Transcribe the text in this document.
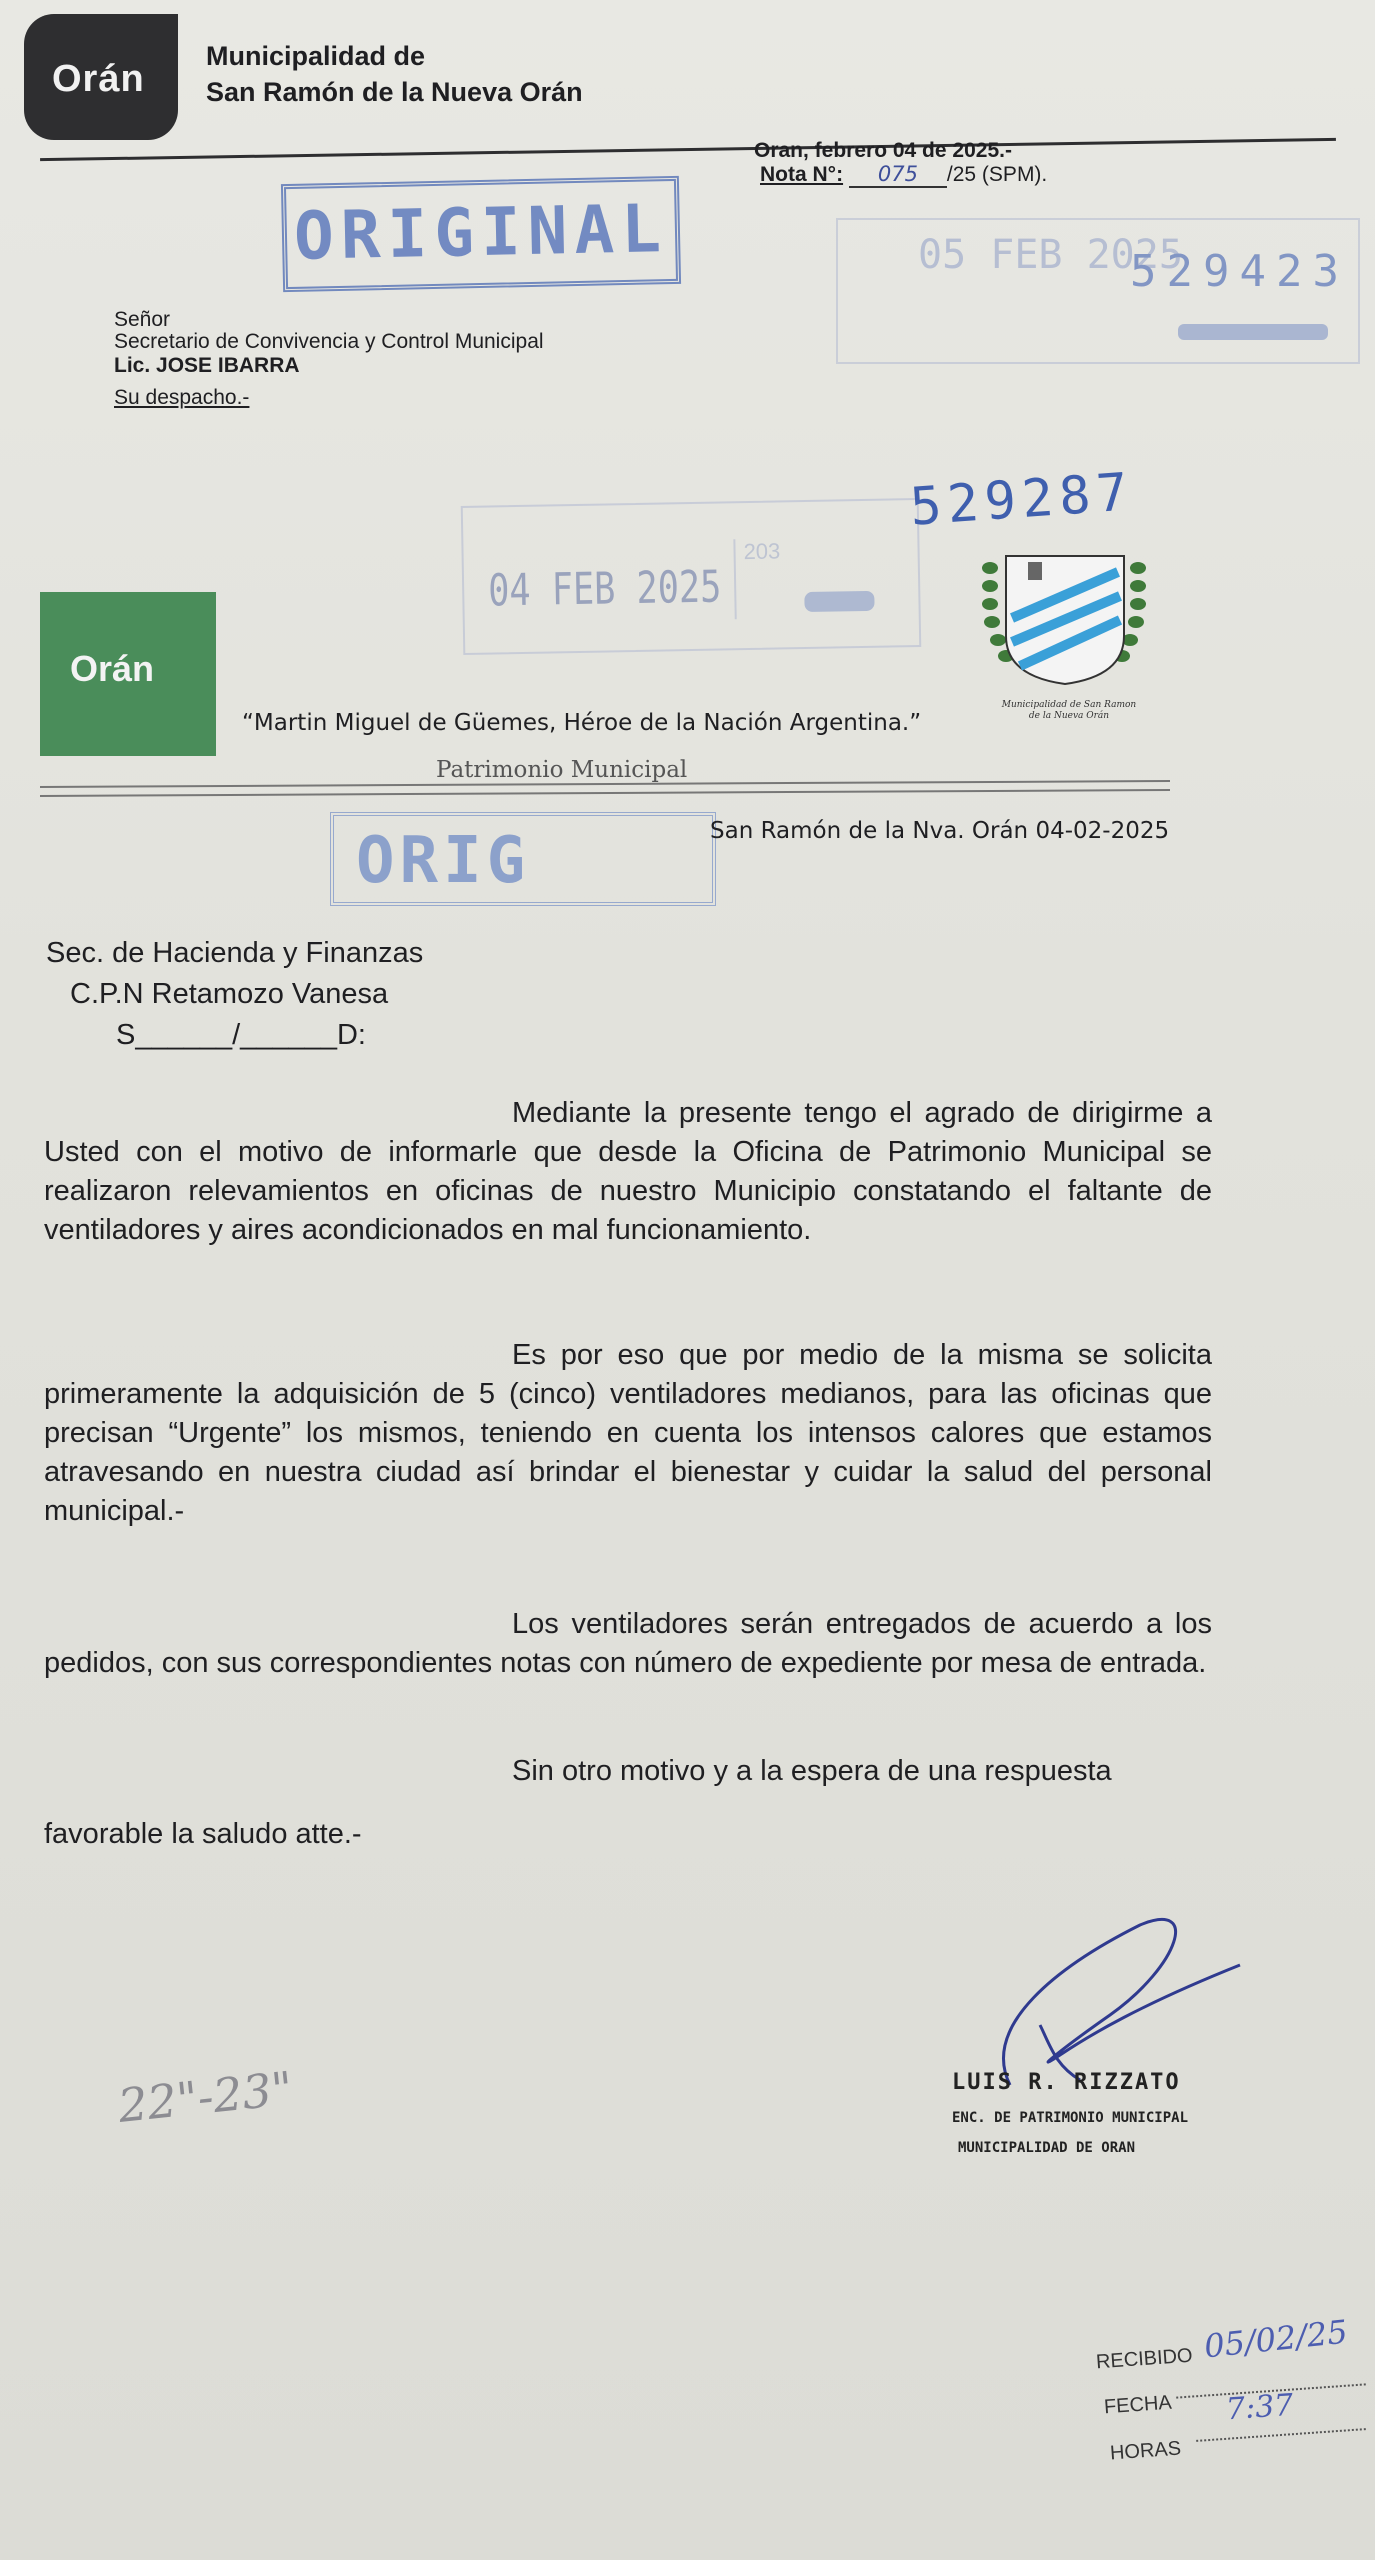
Orán
Municipalidad de
San Ramón de la Nueva Orán
Oran, febrero 04 de 2025.-
Nota N°: 075 /25 (SPM).
ORIGINAL	05 FEB 2025
529423
Señor
Secretario de Convivencia y Control Municipal
Lic. JOSE IBARRA
Su despacho.-
04 FEB 2025
203
529287
Orán
“Martin Miguel de Güemes, Héroe de la Nación Argentina.”
Patrimonio Municipal
Municipalidad de San Ramon
de la Nueva Orán
ORIG	San Ramón de la Nva. Orán 04-02-2025
Sec. de Hacienda y Finanzas
C.P.N Retamozo Vanesa
S______/______D:

Mediante la presente tengo el agrado de dirigirme a Usted con el motivo de informarle que desde la Oficina de Patrimonio Municipal se realizaron relevamientos en oficinas de nuestro Municipio constatando el faltante de ventiladores y aires acondicionados en mal funcionamiento.

Es por eso que por medio de la misma se solicita primeramente la adquisición de 5 (cinco) ventiladores medianos, para las oficinas que precisan “Urgente” los mismos, teniendo en cuenta los intensos calores que estamos atravesando en nuestra ciudad así brindar el bienestar y cuidar la salud del personal municipal.-

Los ventiladores serán entregados de acuerdo a los pedidos, con sus correspondientes notas con número de expediente por mesa de entrada.

Sin otro motivo y a la espera de una respuesta
favorable la saludo atte.-
22"-23"	LUIS R. RIZZATO
ENC. DE PATRIMONIO MUNICIPAL
MUNICIPALIDAD DE ORAN
RECIBIDO 05/02/25
FECHA 7:37
HORAS
